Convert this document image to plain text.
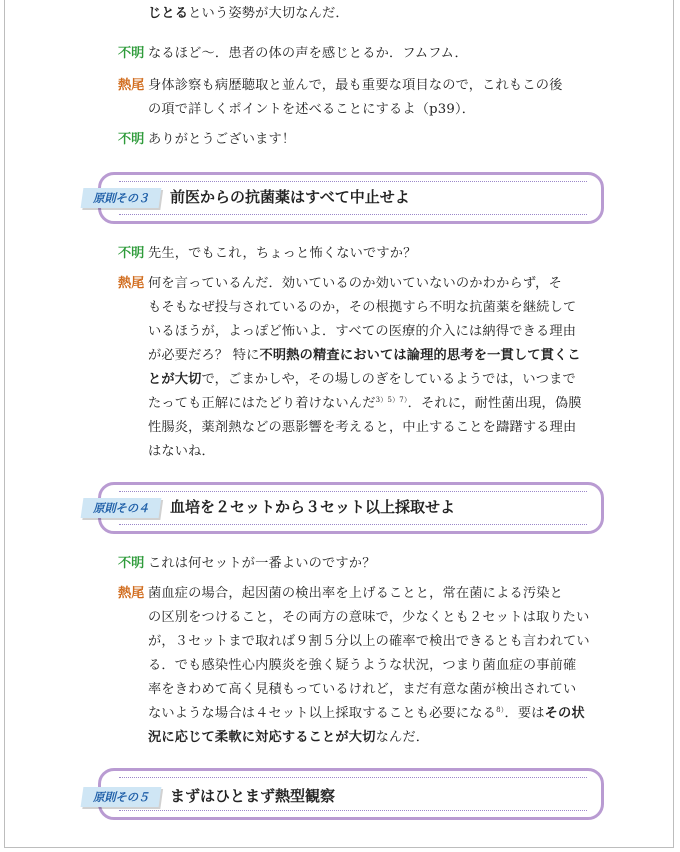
じとるという姿勢が大切なんだ．
不明 なるほど〜．患者の体の声を感じとるか．フムフム．
熱尾 身体診察も病歴聴取と並んで，最も重要な項目なので，これもこの後
の項で詳しくポイントを述べることにするよ（p39）．
不明 ありがとうございます！
原則その３	前医からの抗菌薬はすべて中止せよ
不明 先生，でもこれ，ちょっと怖くないですか？
熱尾 何を言っているんだ．効いているのか効いていないのかわからず，そ
もそもなぜ投与されているのか，その根拠すら不明な抗菌薬を継続して
いるほうが，よっぽど怖いよ．すべての医療的介入には納得できる理由
が必要だろ？ 特に不明熱の精査においては論理的思考を一貫して貫くこ
とが大切で，ごまかしや，その場しのぎをしているようでは，いつまで
たっても正解にはたどり着けないんだ$^{3)5)7)}$．それに，耐性菌出現，偽膜
性腸炎，薬剤熱などの悪影響を考えると，中止することを躊躇する理由
はないね．
原則その４	血培を２セットから３セット以上採取せよ
不明 これは何セットが一番よいのですか？
熱尾 菌血症の場合，起因菌の検出率を上げることと，常在菌による汚染と
の区別をつけること，その両方の意味で，少なくとも２セットは取りたい
が，３セットまで取れば９割５分以上の確率で検出できるとも言われてい
る．でも感染性心内膜炎を強く疑うような状況，つまり菌血症の事前確
率をきわめて高く見積もっているけれど，まだ有意な菌が検出されてい
ないような場合は４セット以上採取することも必要になる$^{8)}$．要はその状
況に応じて柔軟に対応することが大切なんだ．
原則その５	まずはひとまず熱型観察
